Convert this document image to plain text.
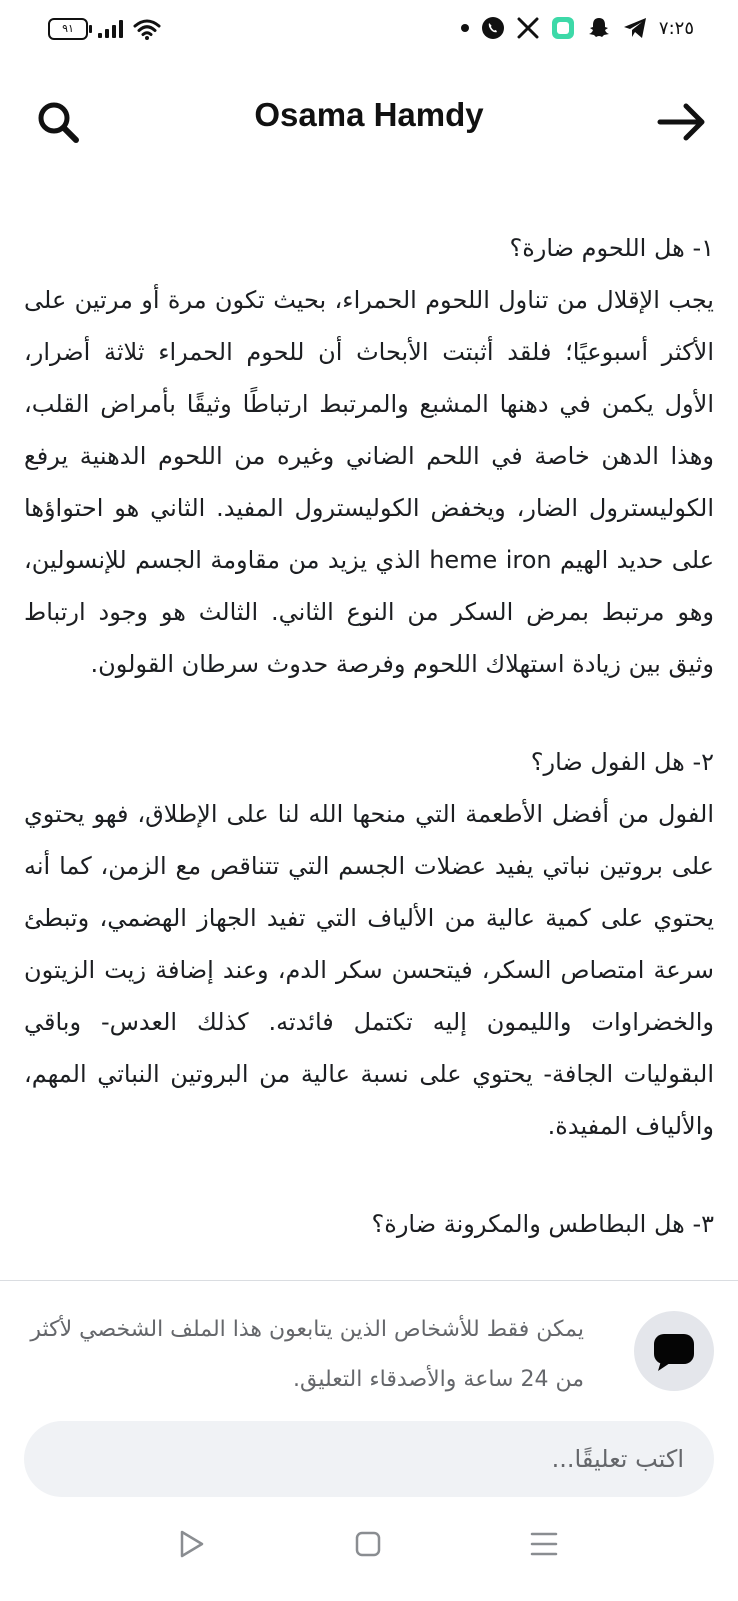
٩١	٧:٢٥
Osama Hamdy

١- هل اللحوم ضارة؟
يجب الإقلال من تناول اللحوم الحمراء، بحيث تكون مرة أو مرتين على الأكثر أسبوعيًا؛ فلقد أثبتت الأبحاث أن للحوم الحمراء ثلاثة أضرار، الأول يكمن في دهنها المشبع والمرتبط ارتباطًا وثيقًا بأمراض القلب، وهذا الدهن خاصة في اللحم الضاني وغيره من اللحوم الدهنية يرفع الكوليسترول الضار، ويخفض الكوليسترول المفيد. الثاني هو احتواؤها على حديد الهيم heme iron الذي يزيد من مقاومة الجسم للإنسولين، وهو مرتبط بمرض السكر من النوع الثاني. الثالث هو وجود ارتباط وثيق بين زيادة استهلاك اللحوم وفرصة حدوث سرطان القولون.

٢- هل الفول ضار؟
الفول من أفضل الأطعمة التي منحها الله لنا على الإطلاق، فهو يحتوي على بروتين نباتي يفيد عضلات الجسم التي تتناقص مع الزمن، كما أنه يحتوي على كمية عالية من الألياف التي تفيد الجهاز الهضمي، وتبطئ سرعة امتصاص السكر، فيتحسن سكر الدم، وعند إضافة زيت الزيتون والخضراوات والليمون إليه تكتمل فائدته. كذلك العدس- وباقي البقوليات الجافة- يحتوي على نسبة عالية من البروتين النباتي المهم، والألياف المفيدة.

٣- هل البطاطس والمكرونة ضارة؟

يمكن فقط للأشخاص الذين يتابعون هذا الملف الشخصي لأكثر من 24 ساعة والأصدقاء التعليق.
اكتب تعليقًا...
